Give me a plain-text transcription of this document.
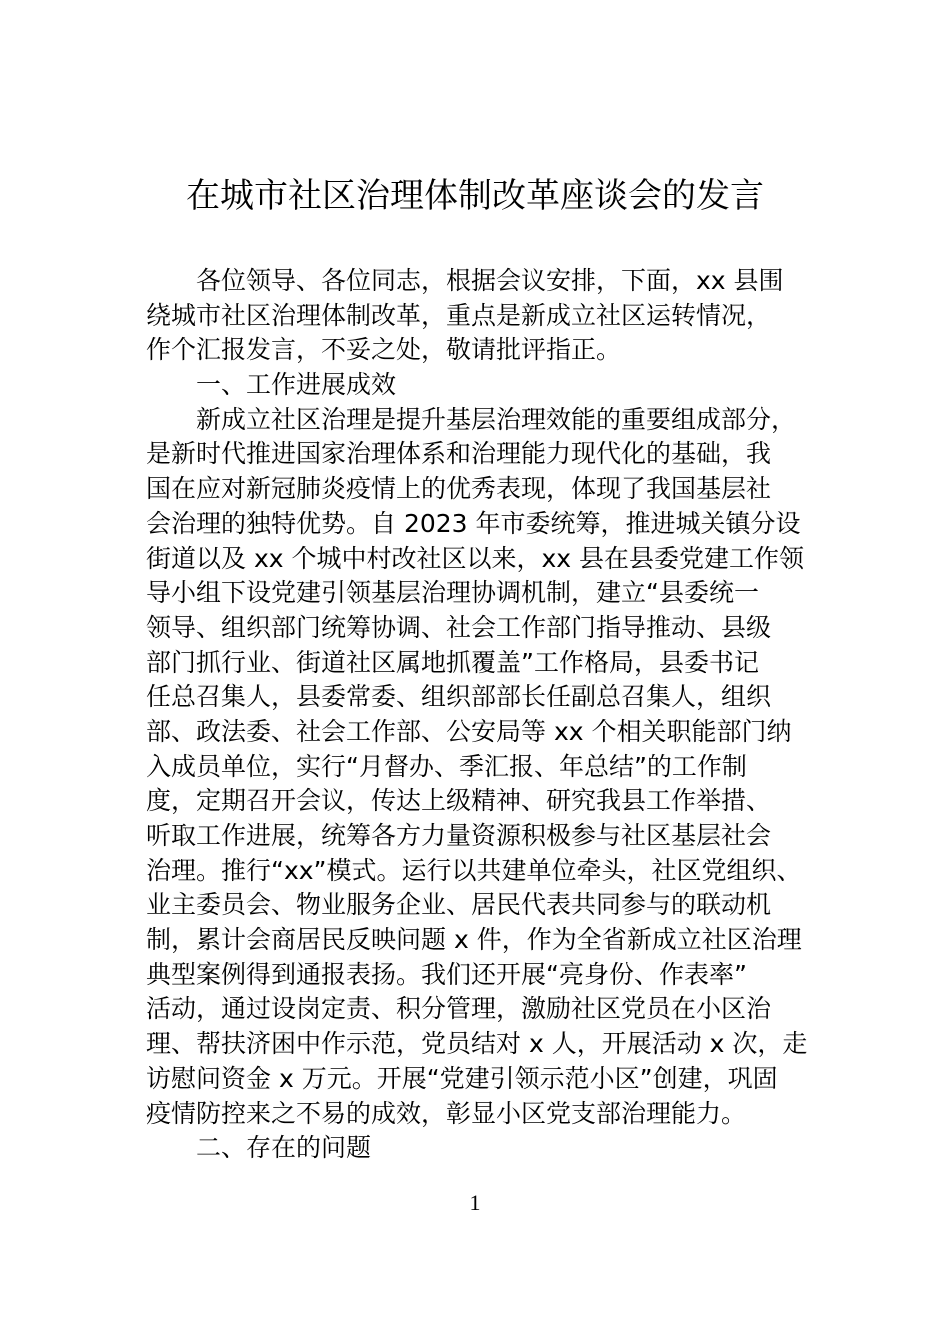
在城市社区治理体制改革座谈会的发言
各位领导、各位同志，根据会议安排，下面，xx 县围
绕城市社区治理体制改革，重点是新成立社区运转情况，
作个汇报发言，不妥之处，敬请批评指正。
一、工作进展成效
新成立社区治理是提升基层治理效能的重要组成部分，
是新时代推进国家治理体系和治理能力现代化的基础，我
国在应对新冠肺炎疫情上的优秀表现，体现了我国基层社
会治理的独特优势。自 2023 年市委统筹，推进城关镇分设
街道以及 xx 个城中村改社区以来，xx 县在县委党建工作领
导小组下设党建引领基层治理协调机制，建立“县委统一
领导、组织部门统筹协调、社会工作部门指导推动、县级
部门抓行业、街道社区属地抓覆盖”工作格局，县委书记
任总召集人，县委常委、组织部部长任副总召集人，组织
部、政法委、社会工作部、公安局等 xx 个相关职能部门纳
入成员单位，实行“月督办、季汇报、年总结”的工作制
度，定期召开会议，传达上级精神、研究我县工作举措、
听取工作进展，统筹各方力量资源积极参与社区基层社会
治理。推行“xx”模式。运行以共建单位牵头，社区党组织、
业主委员会、物业服务企业、居民代表共同参与的联动机
制，累计会商居民反映问题 x 件，作为全省新成立社区治理
典型案例得到通报表扬。我们还开展“亮身份、作表率”
活动，通过设岗定责、积分管理，激励社区党员在小区治
理、帮扶济困中作示范，党员结对 x 人，开展活动 x 次，走
访慰问资金 x 万元。开展“党建引领示范小区”创建，巩固
疫情防控来之不易的成效，彰显小区党支部治理能力。
二、存在的问题
1
